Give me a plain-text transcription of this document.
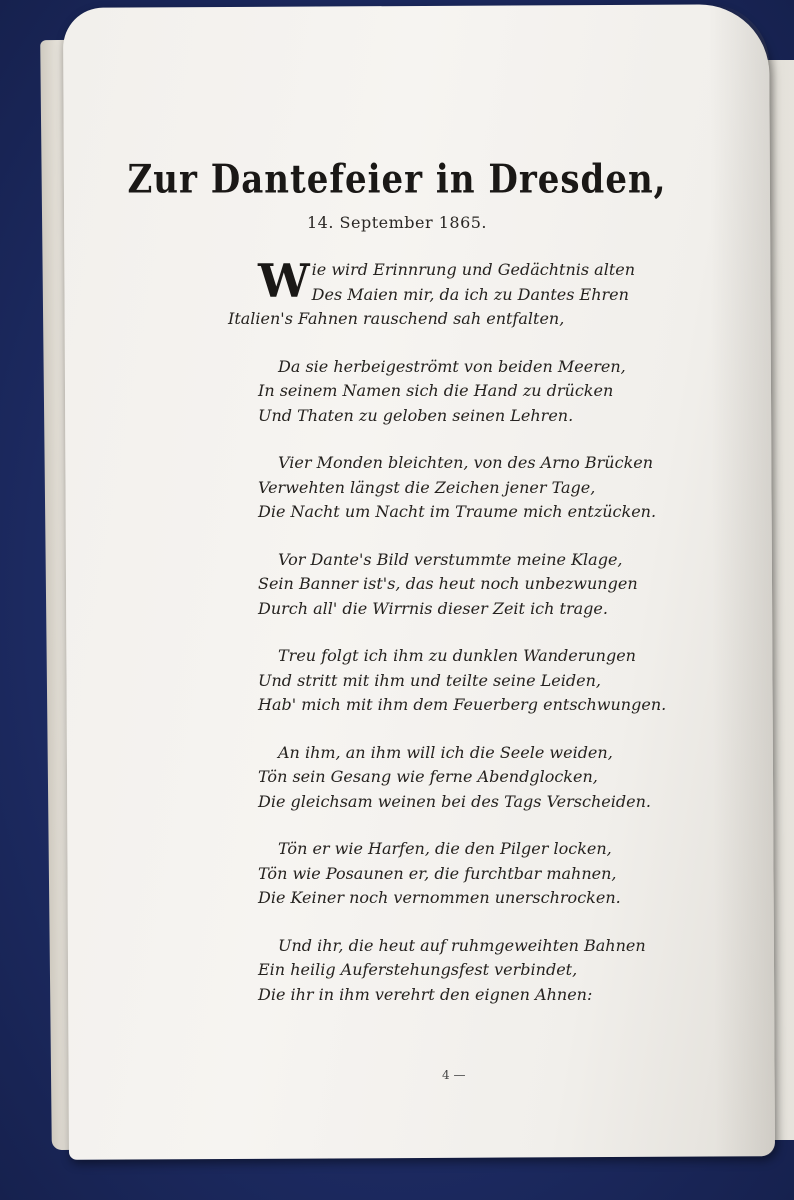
Zur Dantefeier in Dresden,
14. September 1865.
W ie wird Erinnrung und Gedächtnis alten
Des Maien mir, da ich zu Dantes Ehren
Italien's Fahnen rauschend sah entfalten,
Da sie herbeigeströmt von beiden Meeren,
In seinem Namen sich die Hand zu drücken
Und Thaten zu geloben seinen Lehren.
Vier Monden bleichten, von des Arno Brücken
Verwehten längst die Zeichen jener Tage,
Die Nacht um Nacht im Traume mich entzücken.
Vor Dante's Bild verstummte meine Klage,
Sein Banner ist's, das heut noch unbezwungen
Durch all' die Wirrnis dieser Zeit ich trage.
Treu folgt ich ihm zu dunklen Wanderungen
Und stritt mit ihm und teilte seine Leiden,
Hab' mich mit ihm dem Feuerberg entschwungen.
An ihm, an ihm will ich die Seele weiden,
Tön sein Gesang wie ferne Abendglocken,
Die gleichsam weinen bei des Tags Verscheiden.
Tön er wie Harfen, die den Pilger locken,
Tön wie Posaunen er, die furchtbar mahnen,
Die Keiner noch vernommen unerschrocken.
Und ihr, die heut auf ruhmgeweihten Bahnen
Ein heilig Auferstehungsfest verbindet,
Die ihr in ihm verehrt den eignen Ahnen:
4 —
